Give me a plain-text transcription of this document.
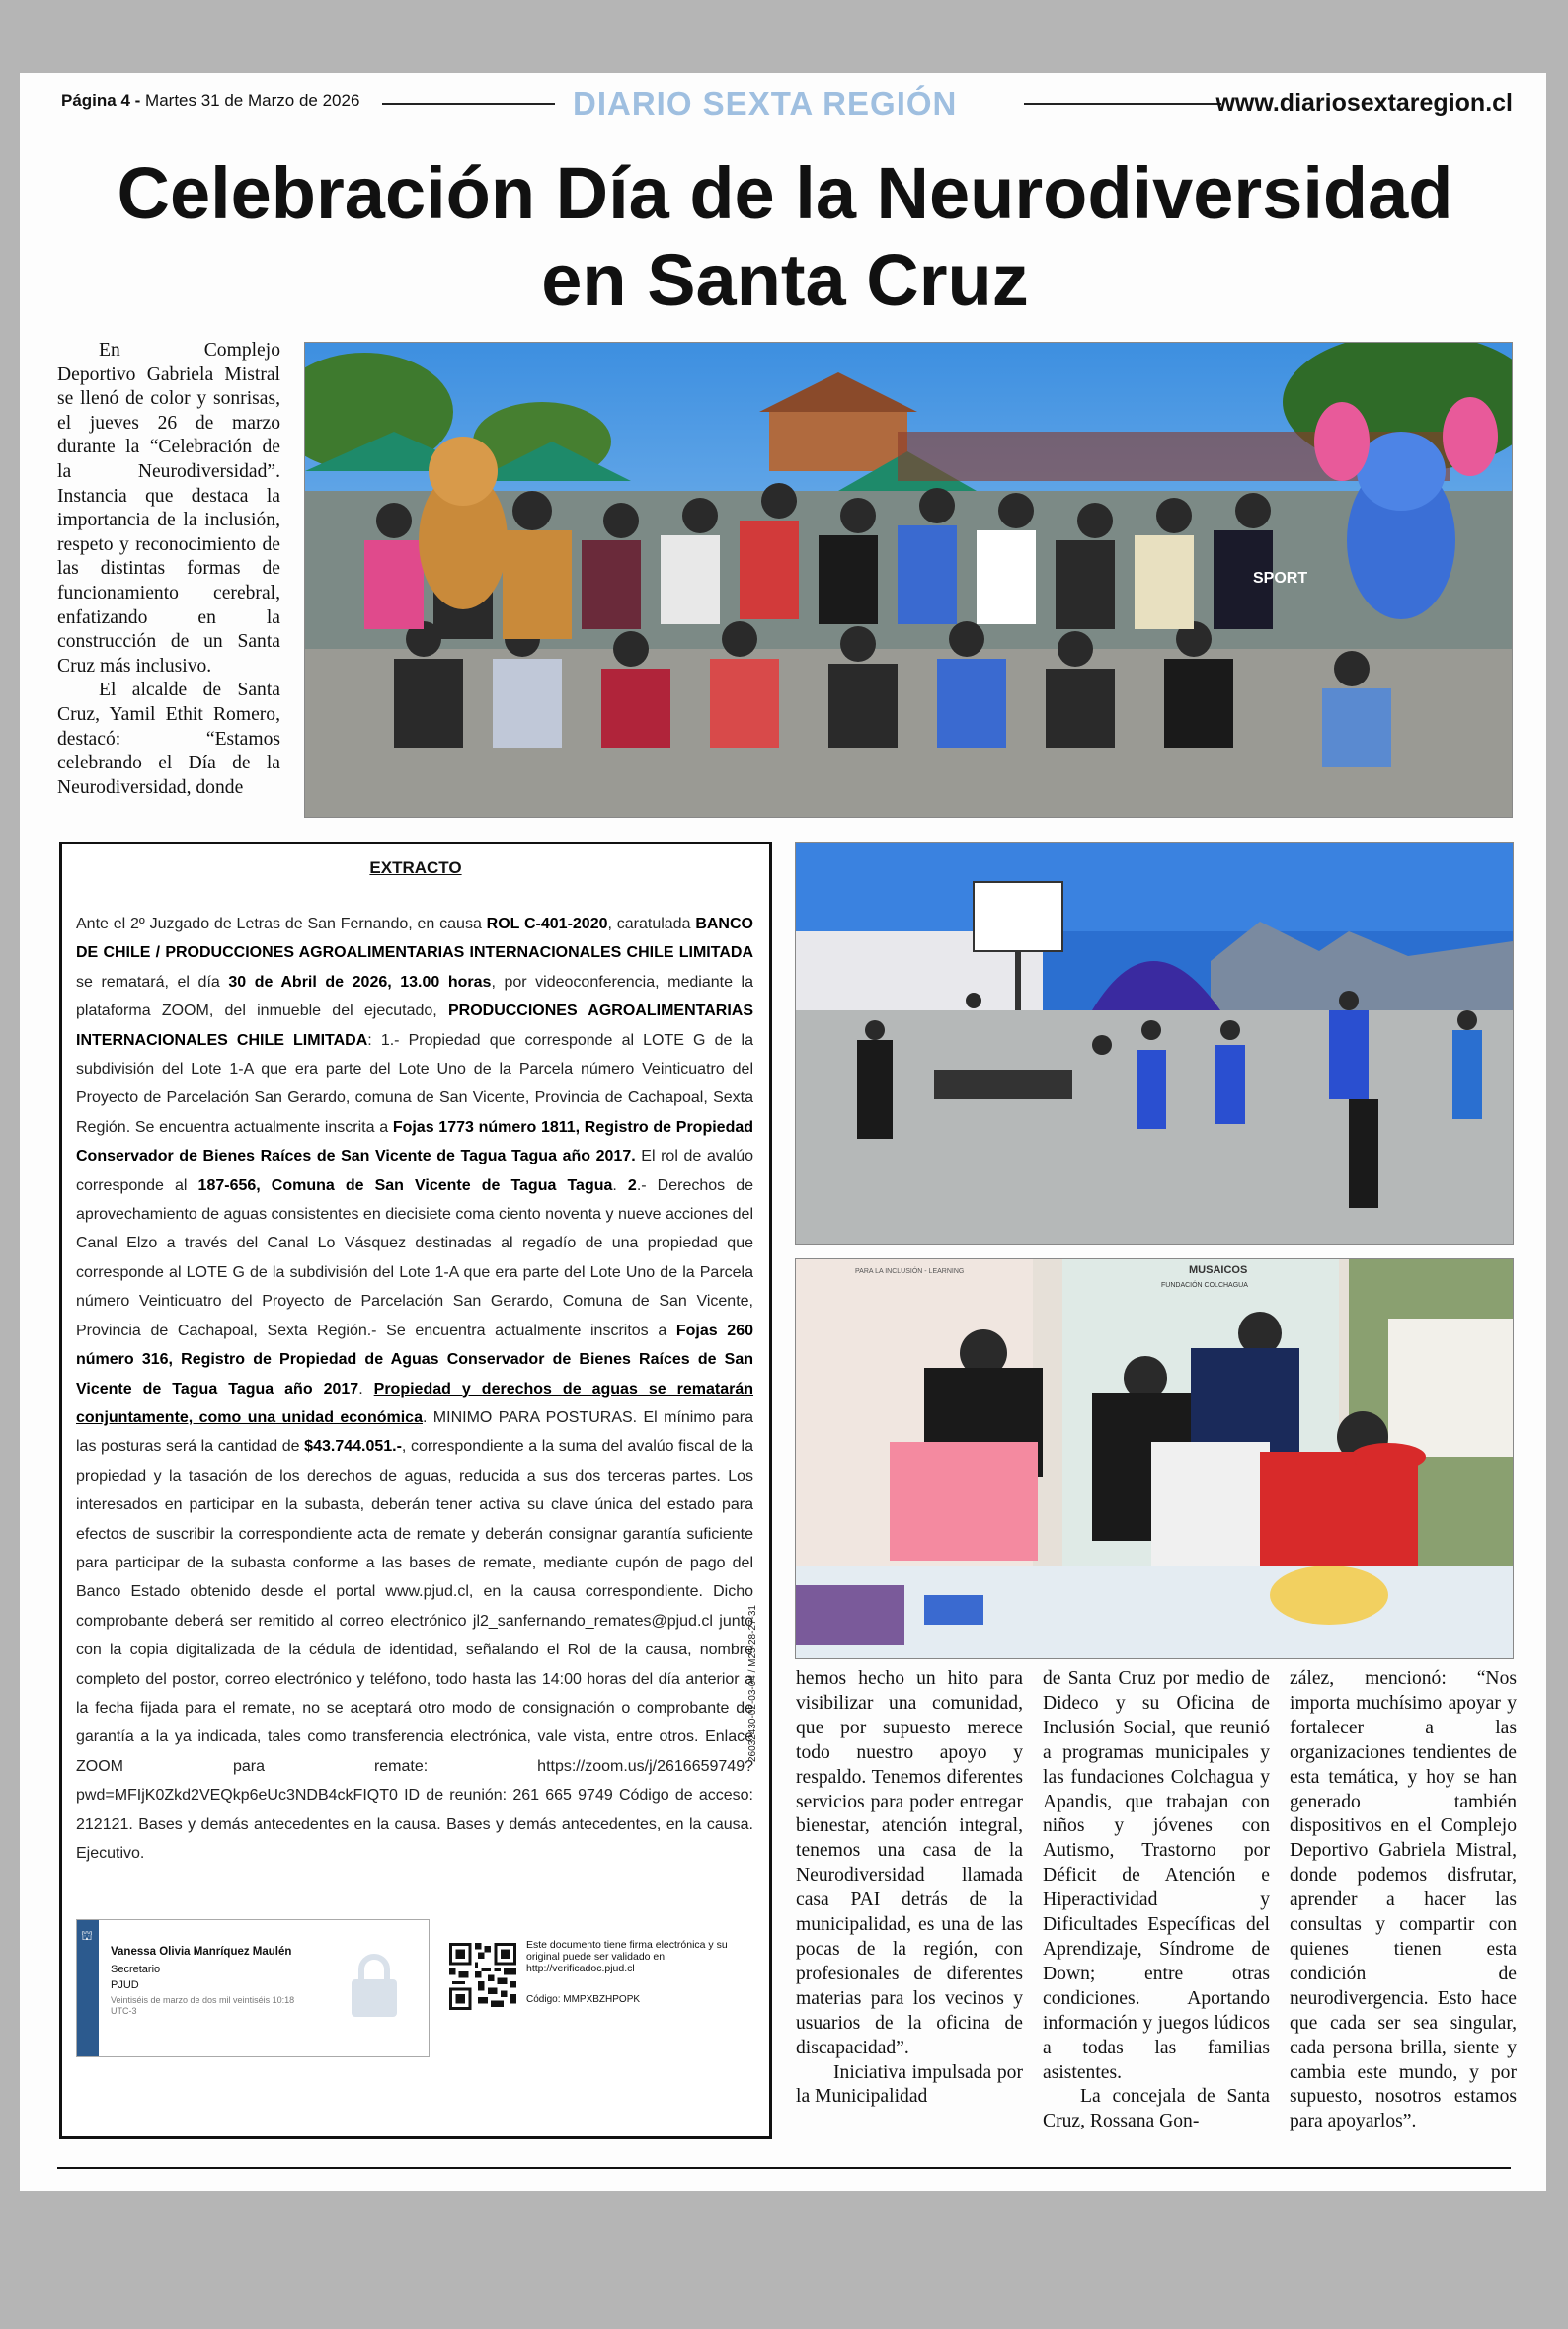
Página 4 - Martes 31 de Marzo de 2026	DIARIO SEXTA REGIÓN	www.diariosextaregion.cl
Celebración Día de la Neurodiversidad
en Santa Cruz

En Complejo Deportivo Gabriela Mistral se llenó de color y sonrisas, el jueves 26 de marzo durante la “Celebración de la Neurodiversidad”. Instancia que destaca la importancia de la inclusión, respeto y reconocimiento de las distintas formas de funcionamiento cerebral, enfatizando en la construcción de un Santa Cruz más inclusivo.

El alcalde de Santa Cruz, Yamil Ethit Romero, destacó: “Estamos celebrando el Día de la Neurodiversidad, donde

SPORT
MUSAICOS
FUNDACIÓN COLCHAGUA
PARA LA INCLUSIÓN - LEARNING
EXTRACTO
Ante el 2º Juzgado de Letras de San Fernando, en causa ROL C-401-2020, caratulada BANCO DE CHILE / PRODUCCIONES AGROALIMENTARIAS INTERNACIONALES CHILE LIMITADA se rematará, el día 30 de Abril de 2026, 13.00 horas, por videoconferencia, mediante la plataforma ZOOM, del inmueble del ejecutado, PRODUCCIONES AGROALIMENTARIAS INTERNACIONALES CHILE LIMITADA: 1.- Propiedad que corresponde al LOTE G de la subdivisión del Lote 1-A que era parte del Lote Uno de la Parcela número Veinticuatro del Proyecto de Parcelación San Gerardo, comuna de San Vicente, Provincia de Cachapoal, Sexta Región. Se encuentra actualmente inscrita a Fojas 1773 número 1811, Registro de Propiedad Conservador de Bienes Raíces de San Vicente de Tagua Tagua año 2017. El rol de avalúo corresponde al 187-656, Comuna de San Vicente de Tagua Tagua. 2.- Derechos de aprovechamiento de aguas consistentes en diecisiete coma ciento noventa y nueve acciones del Canal Elzo a través del Canal Lo Vásquez destinadas al regadío de una propiedad que corresponde al LOTE G de la subdivisión del Lote 1-A que era parte del Lote Uno de la Parcela número Veinticuatro del Proyecto de Parcelación San Gerardo, Comuna de San Vicente, Provincia de Cachapoal, Sexta Región.- Se encuentra actualmente inscritos a Fojas 260 número 316, Registro de Propiedad de Aguas Conservador de Bienes Raíces de San Vicente de Tagua Tagua año 2017. Propiedad y derechos de aguas se rematarán conjuntamente, como una unidad económica. MINIMO PARA POSTURAS. El mínimo para las posturas será la cantidad de $43.744.051.-, correspondiente a la suma del avalúo fiscal de la propiedad y la tasación de los derechos de aguas, reducida a sus dos terceras partes. Los interesados en participar en la subasta, deberán tener activa su clave única del estado para efectos de suscribir la correspondiente acta de remate y deberán consignar garantía suficiente para participar de la subasta conforme a las bases de remate, mediante cupón de pago del Banco Estado obtenido desde el portal www.pjud.cl, en la causa correspondiente. Dicho comprobante deberá ser remitido al correo electrónico jl2_sanfernando_remates@pjud.cl junto con la copia digitalizada de la cédula de identidad, señalando el Rol de la causa, nombre completo del postor, correo electrónico y teléfono, todo hasta las 14:00 horas del día anterior a la fecha fijada para el remate, no se aceptará otro modo de consignación o comprobante de garantía a la ya indicada, tales como transferencia electrónica, vale vista, entre otros. Enlace ZOOM para remate: https://zoom.us/j/2616659749?pwd=MFIjK0Zkd2VEQkp6eUc3NDB4ckFIQT0 ID de reunión: 261 665 9749 Código de acceso: 212121. Bases y demás antecedentes en la causa. Bases y demás antecedentes, en la causa. Ejecutivo.
⛫
Vanessa Olivia Manríquez Maulén
Secretario
PJUD
Veintiséis de marzo de dos mil veintiséis 10:18 UTC-3
Este documento tiene firma electrónica y su original puede ser validado en http://verificadoc.pjud.cl
Código: MMPXBZHPOPK
26032430-02-03-04 / M25-28-27-31 hemos hecho un hito para visibilizar una comunidad, que por supuesto merece todo nuestro apoyo y respaldo. Tenemos diferentes servicios para poder entregar bienestar, atención integral, tenemos una casa de la Neurodiversidad llamada casa PAI detrás de la municipalidad, es una de las pocas de la región, con profesionales de diferentes materias para los vecinos y usuarios de la oficina de discapacidad”.

Iniciativa impulsada por la Municipalidad

de Santa Cruz por medio de Dideco y su Oficina de Inclusión Social, que reunió a programas municipales y las fundaciones Colchagua y Apandis, que trabajan con niños y jóvenes con Autismo, Trastorno por Déficit de Atención e Hiperactividad y Dificultades Específicas del Aprendizaje, Síndrome de Down; entre otras condiciones. Aportando información y juegos lúdicos a todas las familias asistentes.

La concejala de Santa Cruz, Rossana Gon-

zález, mencionó: “Nos importa muchísimo apoyar y fortalecer a las organizaciones tendientes de esta temática, y hoy se han generado también dispositivos en el Complejo Deportivo Gabriela Mistral, donde podemos disfrutar, aprender a hacer las consultas y compartir con quienes tienen esta condición de neurodivergencia. Esto hace que cada ser sea singular, cada persona brilla, siente y cambia este mundo, y por supuesto, nosotros estamos para apoyarlos”.
